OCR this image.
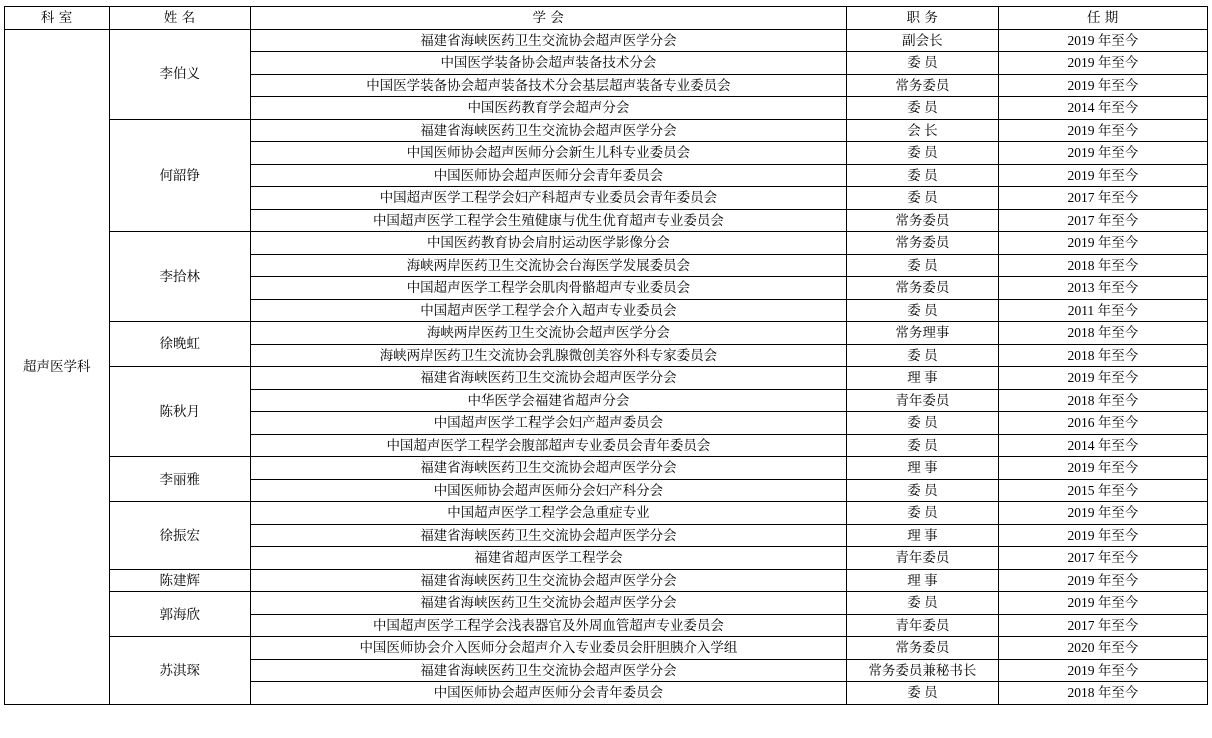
科 室	姓 名	学 会	职 务	任 期
超声医学科	李伯义	福建省海峡医药卫生交流协会超声医学分会	副会长	2019 年至今
		中国医学装备协会超声装备技术分会	委 员	2019 年至今
		中国医学装备协会超声装备技术分会基层超声装备专业委员会	常务委员	2019 年至今
		中国医药教育学会超声分会	委 员	2014 年至今
	何韶铮	福建省海峡医药卫生交流协会超声医学分会	会 长	2019 年至今
		中国医师协会超声医师分会新生儿科专业委员会	委 员	2019 年至今
		中国医师协会超声医师分会青年委员会	委 员	2019 年至今
		中国超声医学工程学会妇产科超声专业委员会青年委员会	委 员	2017 年至今
		中国超声医学工程学会生殖健康与优生优育超声专业委员会	常务委员	2017 年至今
	李拾林	中国医药教育协会肩肘运动医学影像分会	常务委员	2019 年至今
		海峡两岸医药卫生交流协会台海医学发展委员会	委 员	2018 年至今
		中国超声医学工程学会肌肉骨骼超声专业委员会	常务委员	2013 年至今
		中国超声医学工程学会介入超声专业委员会	委 员	2011 年至今
	徐晚虹	海峡两岸医药卫生交流协会超声医学分会	常务理事	2018 年至今
		海峡两岸医药卫生交流协会乳腺微创美容外科专家委员会	委 员	2018 年至今
	陈秋月	福建省海峡医药卫生交流协会超声医学分会	理 事	2019 年至今
		中华医学会福建省超声分会	青年委员	2018 年至今
		中国超声医学工程学会妇产超声委员会	委 员	2016 年至今
		中国超声医学工程学会腹部超声专业委员会青年委员会	委 员	2014 年至今
	李丽雅	福建省海峡医药卫生交流协会超声医学分会	理 事	2019 年至今
		中国医师协会超声医师分会妇产科分会	委 员	2015 年至今
	徐振宏	中国超声医学工程学会急重症专业	委 员	2019 年至今
		福建省海峡医药卫生交流协会超声医学分会	理 事	2019 年至今
		福建省超声医学工程学会	青年委员	2017 年至今
	陈建辉	福建省海峡医药卫生交流协会超声医学分会	理 事	2019 年至今
	郭海欣	福建省海峡医药卫生交流协会超声医学分会	委 员	2019 年至今
		中国超声医学工程学会浅表器官及外周血管超声专业委员会	青年委员	2017 年至今
	苏淇琛	中国医师协会介入医师分会超声介入专业委员会肝胆胰介入学组	常务委员	2020 年至今
		福建省海峡医药卫生交流协会超声医学分会	常务委员兼秘书长	2019 年至今
		中国医师协会超声医师分会青年委员会	委 员	2018 年至今
